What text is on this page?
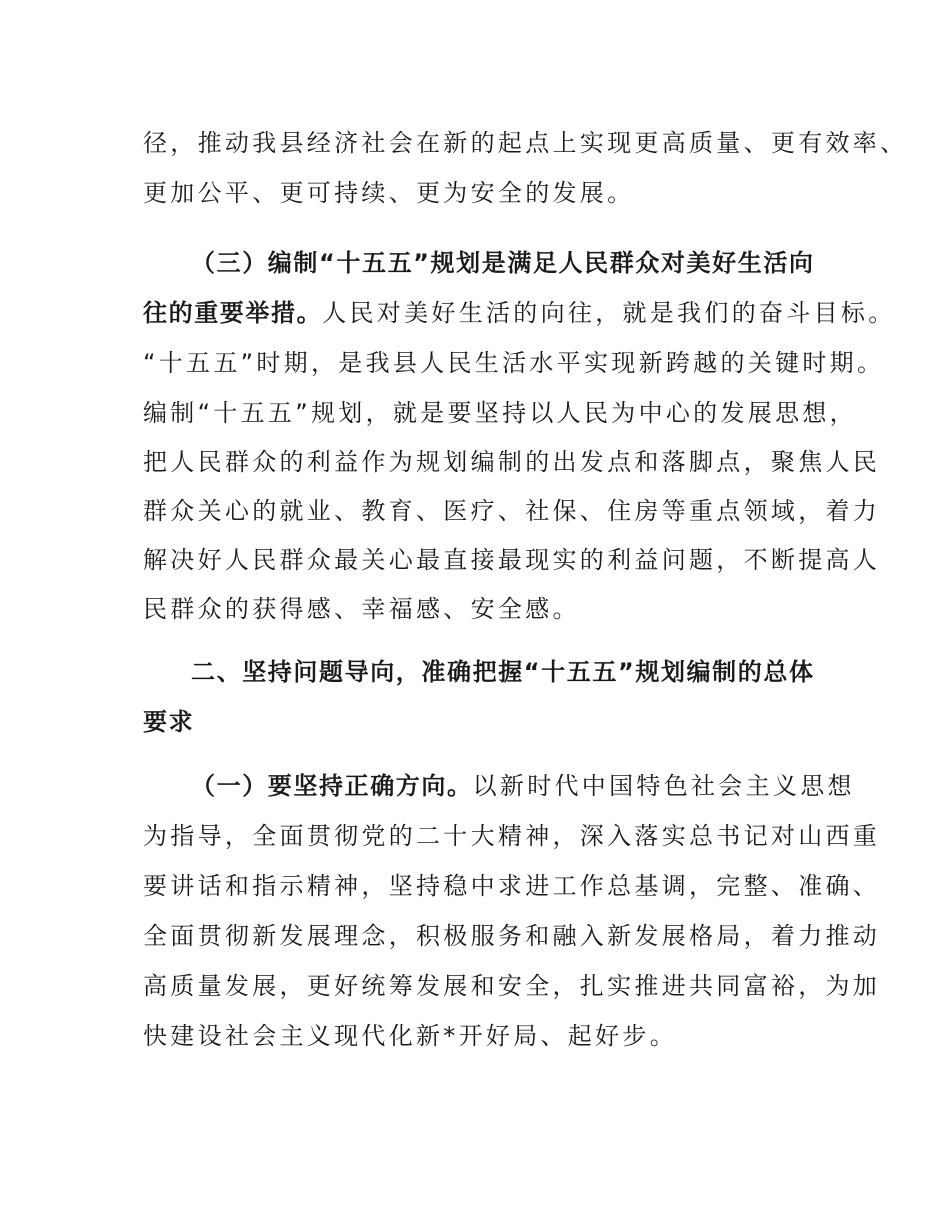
径，推动我县经济社会在新的起点上实现更高质量、更有效率、
更加公平、更可持续、更为安全的发展。
（三）编制“十五五”规划是满足人民群众对美好生活向
往的重要举措。人民对美好生活的向往，就是我们的奋斗目标。
“十五五”时期，是我县人民生活水平实现新跨越的关键时期。
编制“十五五”规划，就是要坚持以人民为中心的发展思想，
把人民群众的利益作为规划编制的出发点和落脚点，聚焦人民
群众关心的就业、教育、医疗、社保、住房等重点领域，着力
解决好人民群众最关心最直接最现实的利益问题，不断提高人
民群众的获得感、幸福感、安全感。
二、坚持问题导向，准确把握“十五五”规划编制的总体
要求
（一）要坚持正确方向。以新时代中国特色社会主义思想
为指导，全面贯彻党的二十大精神，深入落实总书记对山西重
要讲话和指示精神，坚持稳中求进工作总基调，完整、准确、
全面贯彻新发展理念，积极服务和融入新发展格局，着力推动
高质量发展，更好统筹发展和安全，扎实推进共同富裕，为加
快建设社会主义现代化新*开好局、起好步。
